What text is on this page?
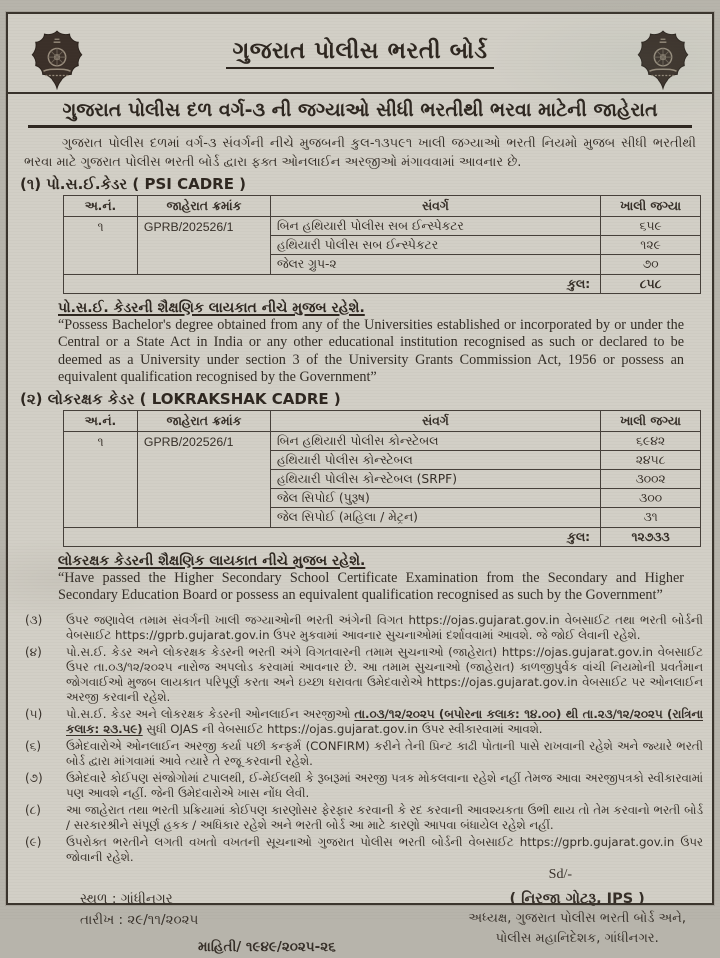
ગુજરાત પોલીસ ભરતી બોર્ડ
ગુજરાત પોલીસ દળ વર્ગ-૩ ની જગ્યાઓ સીધી ભરતીથી ભરવા માટેની જાહેરાત

ગુજરાત પોલીસ દળમાં વર્ગ-૩ સંવર્ગની નીચે મુજબની કુલ-૧૩૫૯૧ ખાલી જગ્યાઓ ભરતી નિયમો મુજબ સીધી ભરતીથી ભરવા માટે ગુજરાત પોલીસ ભરતી બોર્ડ દ્વારા ફક્ત ઓનલાઈન અરજીઓ મંગાવવામાં આવનાર છે.

(૧) પો.સ.ઈ.કેડર ( PSI CADRE )
અ.નં.	જાહેરાત ક્રમાંક	સંવર્ગ	ખાલી જગ્યા
૧	GPRB/202526/1	બિન હથિયારી પોલીસ સબ ઈન્સ્પેકટર	૬૫૯
		હથિયારી પોલીસ સબ ઈન્સ્પેકટર	૧૨૯
		જેલર ગ્રુપ-૨	૭૦
કુલ:			૮૫૮
પો.સ.ઈ. કેડરની શૈક્ષણિક લાયકાત નીચે મુજબ રહેશે.

“Possess Bachelor's degree obtained from any of the Universities established or incorporated by or under the Central or a State Act in India or any other educational institution recognised as such or declared to be deemed as a University under section 3 of the University Grants Commission Act, 1956 or possess an equivalent qualification recognised by the Government”

(૨) લોકરક્ષક કેડર ( LOKRAKSHAK CADRE )
અ.નં.	જાહેરાત ક્રમાંક	સંવર્ગ	ખાલી જગ્યા
૧	GPRB/202526/1	બિન હથિયારી પોલીસ કોન્સ્ટેબલ	૬૯૪૨
		હથિયારી પોલીસ કોન્સ્ટેબલ	૨૪૫૮
		હથિયારી પોલીસ કોન્સ્ટેબલ (SRPF)	૩૦૦૨
		જેલ સિપોઈ (પુરૂષ)	૩૦૦
		જેલ સિપોઈ (મહિલા / મેટ્રન)	૩૧
કુલ:			૧૨૭૩૩
લોકરક્ષક કેડરની શૈક્ષણિક લાયકાત નીચે મુજબ રહેશે.

“Have passed the Higher Secondary School Certificate Examination from the Secondary and Higher Secondary Education Board or possess an equivalent qualification recognised as such by the Government”

(૩)	ઉપર જણાવેલ તમામ સંવર્ગની ખાલી જગ્યાઓની ભરતી અંગેની વિગત https://ojas.gujarat.gov.in વેબસાઈટ તથા ભરતી બોર્ડની વેબસાઈટ https://gprb.gujarat.gov.in ઉપર મુકવામાં આવનાર સુચનાઓમાં દર્શાવવામાં આવશે. જે જોઈ લેવાની રહેશે.
(૪)	પો.સ.ઈ. કેડર અને લોકરક્ષક કેડરની ભરતી અંગે વિગતવારની તમામ સુચનાઓ (જાહેરાત) https://ojas.gujarat.gov.in વેબસાઈટ ઉપર તા.૦૩/૧૨/૨૦૨૫ નારોજ અપલોડ કરવામાં આવનાર છે. આ તમામ સુચનાઓ (જાહેરાત) કાળજીપુર્વક વાંચી નિયમોની પ્રવર્તમાન જોગવાઈઓ મુજબ લાયકાત પરિપૂર્ણ કરતા અને ઇચ્છા ધરાવતા ઉમેદવારોએ https://ojas.gujarat.gov.in વેબસાઈટ પર ઓનલાઈન અરજી કરવાની રહેશે.
(૫)	પો.સ.ઈ. કેડર અને લોકરક્ષક કેડરની ઓનલાઈન અરજીઓ તા.૦૩/૧૨/૨૦૨૫ (બપોરના કલાક: ૧૪.૦૦) થી તા.૨૩/૧૨/૨૦૨૫ (રાત્રિના કલાક: ૨૩.૫૯) સુધી OJAS ની વેબસાઈટ https://ojas.gujarat.gov.in ઉપર સ્વીકારવામાં આવશે.
(૬)	ઉમેદવારોએ ઓનલાઈન અરજી કર્યા પછી કન્ફર્મ (CONFIRM) કરીને તેની પ્રિન્ટ કાઢી પોતાની પાસે રાખવાની રહેશે અને જ્યારે ભરતી બોર્ડ દ્વારા માંગવામાં આવે ત્યારે તે રજૂ કરવાની રહેશે.
(૭)	ઉમેદવારે કોઈપણ સંજોગોમાં ટપાલથી, ઈ-મેઈલથી કે રૂબરૂમાં અરજી પત્રક મોકલવાના રહેશે નહીં તેમજ આવા અરજીપત્રકો સ્વીકારવામાં પણ આવશે નહીં. જેની ઉમેદવારોએ ખાસ નોંધ લેવી.
(૮)	આ જાહેરાત તથા ભરતી પ્રક્રિયામાં કોઈપણ કારણોસર ફેરફાર કરવાની કે રદ કરવાની આવશ્યકતા ઉભી થાય તો તેમ કરવાનો ભરતી બોર્ડ / સરકારશ્રીને સંપૂર્ણ હકક / અધિકાર રહેશે અને ભરતી બોર્ડ આ માટે કારણો આપવા બંધાયેલ રહેશે નહીં.
(૯)	ઉપરોક્ત ભરતીને લગતી વખતો વખતની સૂચનાઓ ગુજરાત પોલીસ ભરતી બોર્ડની વેબસાઈટ https://gprb.gujarat.gov.in ઉપર જોવાની રહેશે.
Sd/-
સ્થળ : ગાંધીનગર
તારીખ : ૨૯/૧૧/૨૦૨૫
માહિતી/ ૧૯૪૯/૨૦૨૫-૨૬
( નિરજા ગોટરૂ, IPS )
અધ્યક્ષ, ગુજરાત પોલીસ ભરતી બોર્ડ અને,
પોલીસ મહાનિદેશક, ગાંધીનગર.
